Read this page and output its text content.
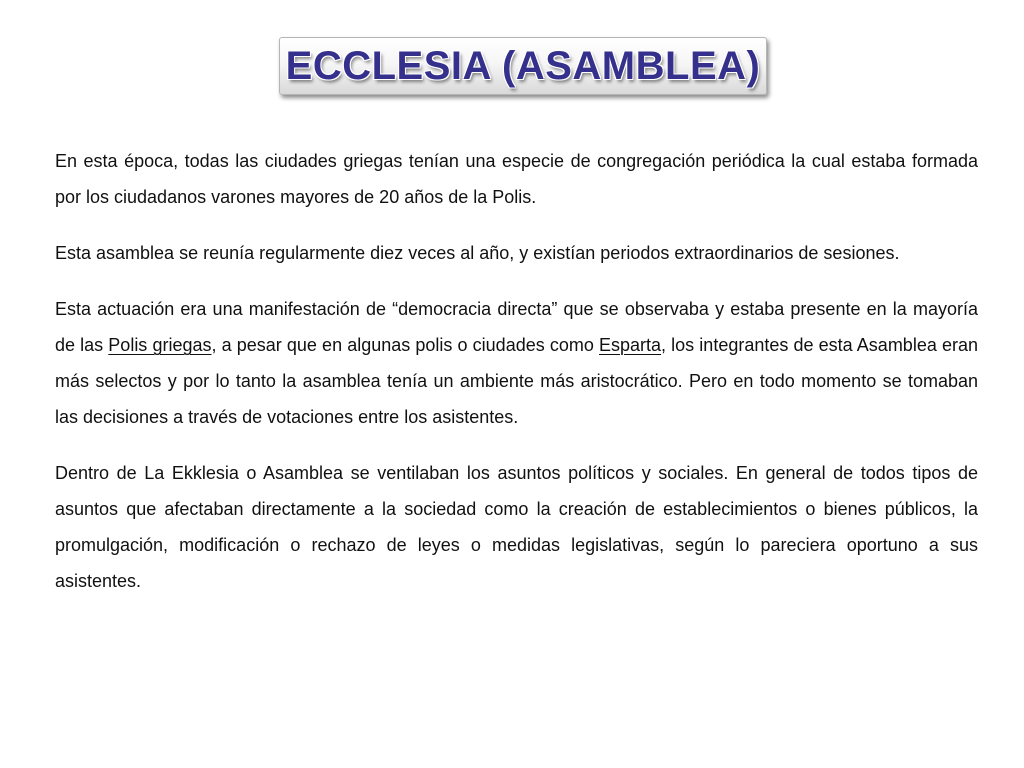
ECCLESIA (ASAMBLEA)

En esta época, todas las ciudades griegas tenían una especie de congregación periódica la cual estaba formada por los ciudadanos varones mayores de 20 años de la Polis.

Esta asamblea se reunía regularmente diez veces al año, y existían periodos extraordinarios de sesiones.

Esta actuación era una manifestación de “democracia directa” que se observaba y estaba presente en la mayoría de las Polis griegas, a pesar que en algunas polis o ciudades como Esparta, los integrantes de esta Asamblea eran más selectos y por lo tanto la asamblea tenía un ambiente más aristocrático. Pero en todo momento se tomaban las decisiones a través de votaciones entre los asistentes.

Dentro de La Ekklesia o Asamblea se ventilaban los asuntos políticos y sociales. En general de todos tipos de asuntos que afectaban directamente a la sociedad como la creación de establecimientos o bienes públicos, la promulgación, modificación o rechazo de leyes o medidas legislativas, según lo pareciera oportuno a sus asistentes.
